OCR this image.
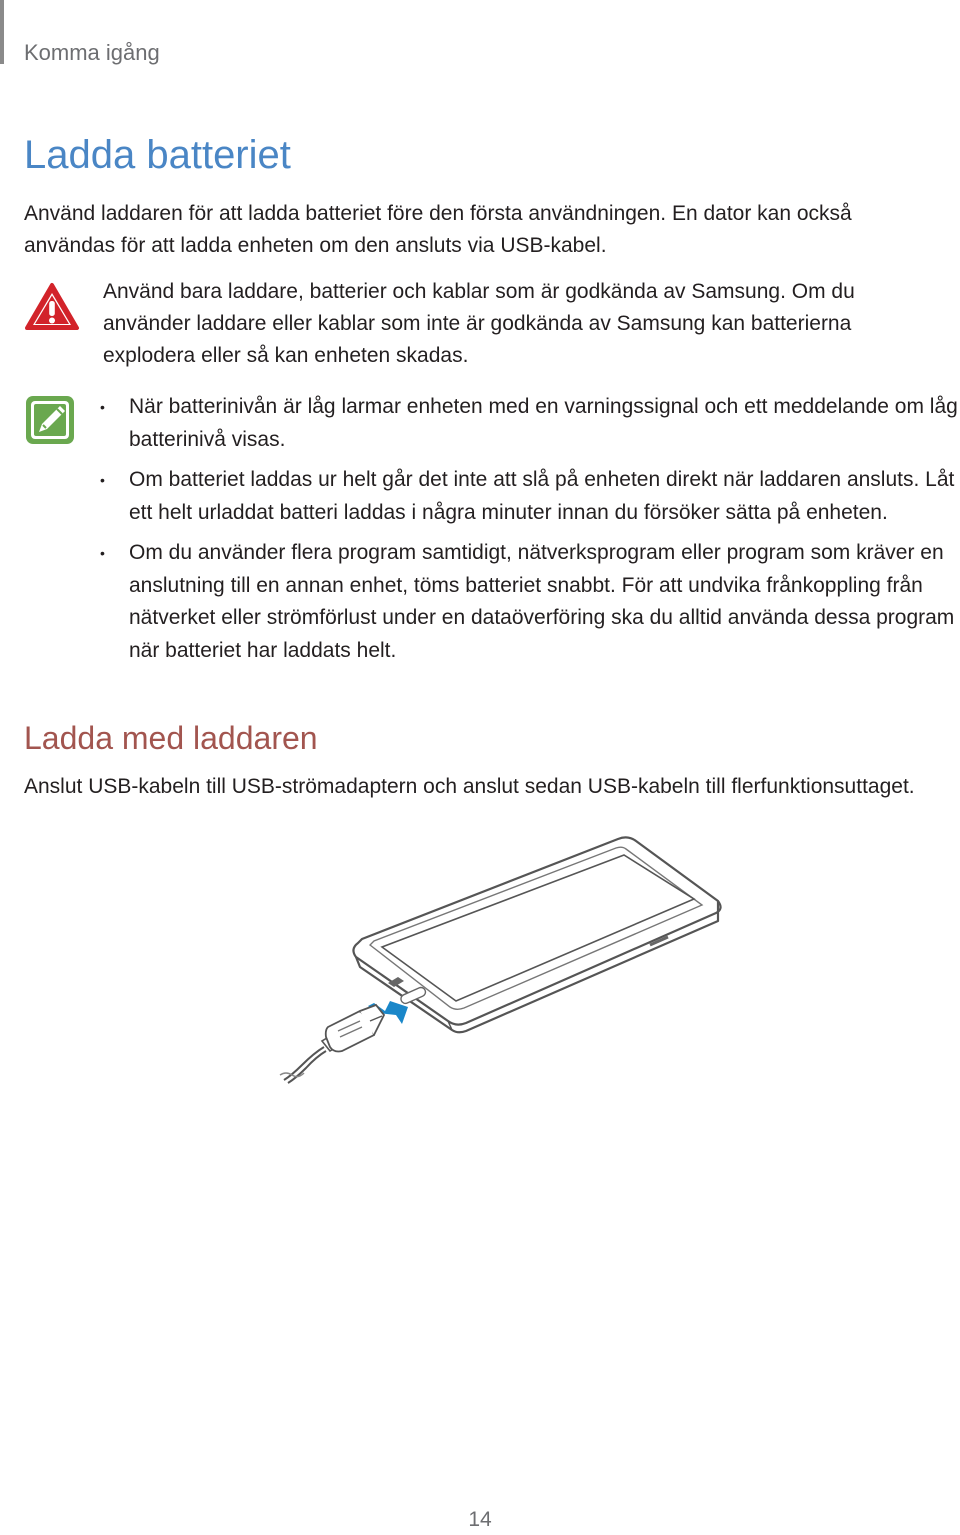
Komma igång
Ladda batteriet

Använd laddaren för att ladda batteriet före den första användningen. En dator kan också användas för att ladda enheten om den ansluts via USB-kabel.

Använd bara laddare, batterier och kablar som är godkända av Samsung. Om du använder laddare eller kablar som inte är godkända av Samsung kan batterierna explodera eller så kan enheten skadas.

• När batterinivån är låg larmar enheten med en varningssignal och ett meddelande om låg batterinivå visas.
• Om batteriet laddas ur helt går det inte att slå på enheten direkt när laddaren ansluts. Låt ett helt urladdat batteri laddas i några minuter innan du försöker sätta på enheten.
• Om du använder flera program samtidigt, nätverksprogram eller program som kräver en anslutning till en annan enhet, töms batteriet snabbt. För att undvika frånkoppling från nätverket eller strömförlust under en dataöverföring ska du alltid använda dessa program när batteriet har laddats helt.
Ladda med laddaren

Anslut USB-kabeln till USB-strömadaptern och anslut sedan USB-kabeln till flerfunktionsuttaget.

14
